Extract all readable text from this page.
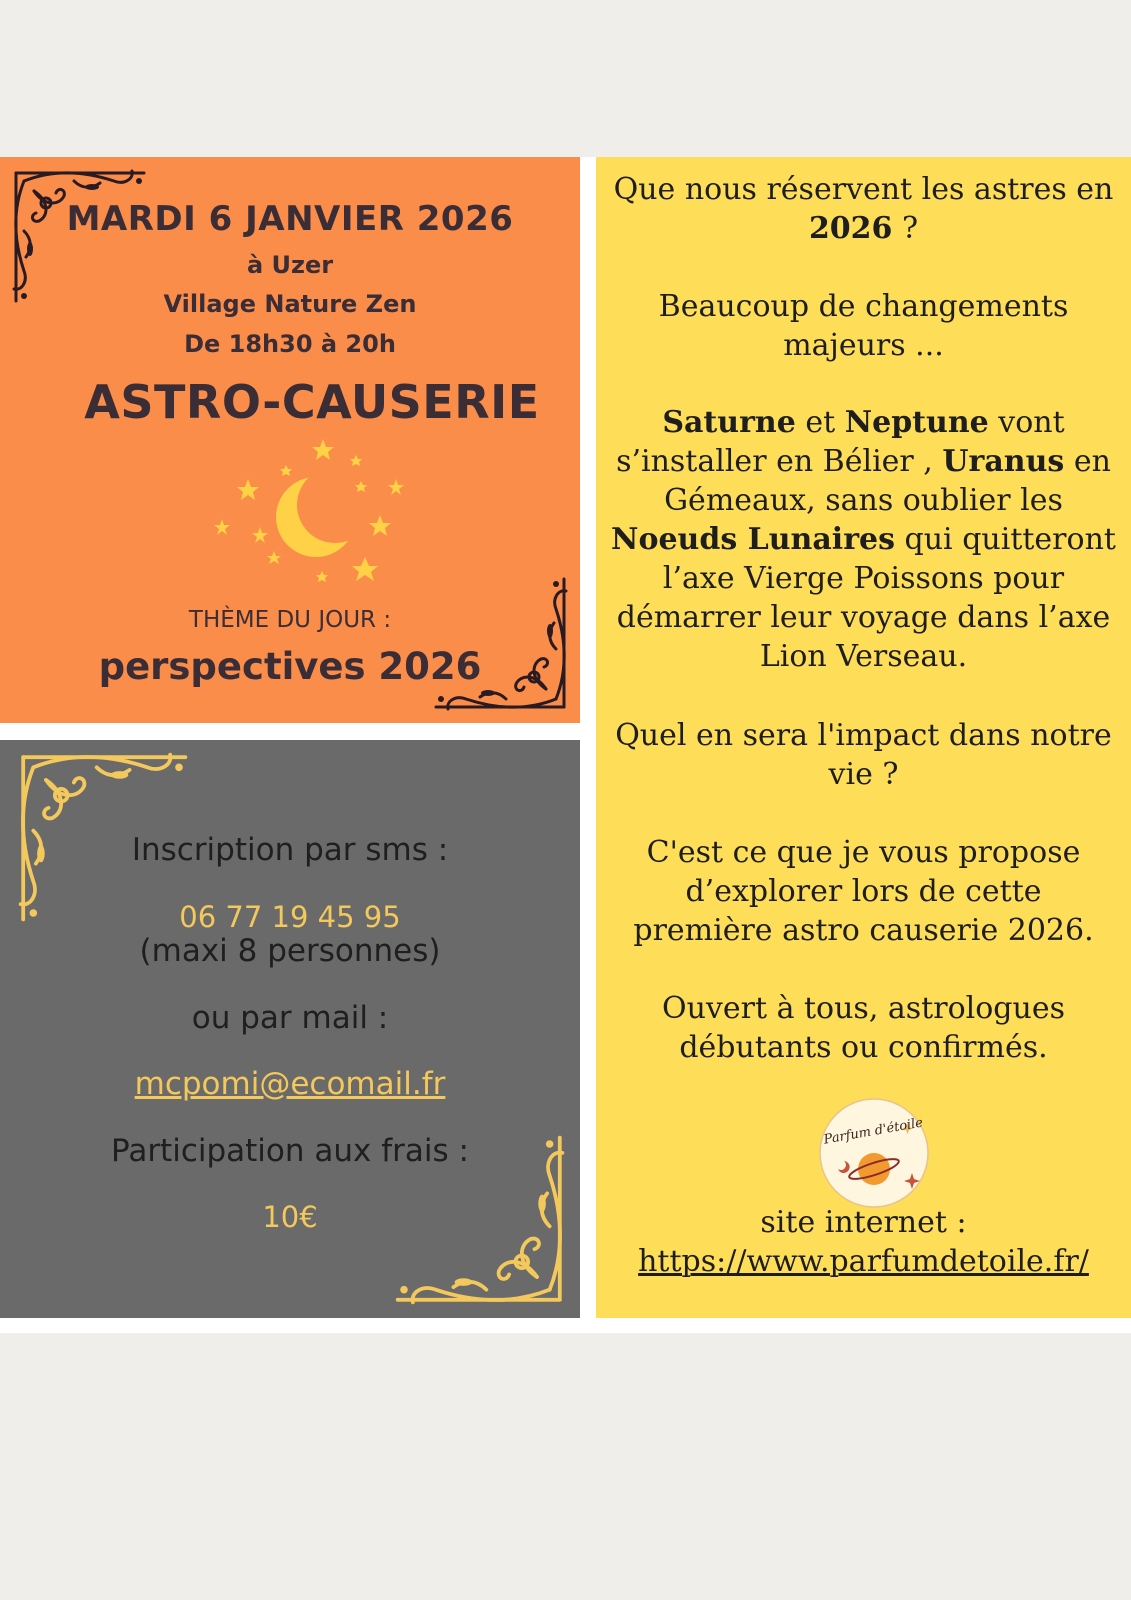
MARDI 6 JANVIER 2026
à Uzer
Village Nature Zen
De 18h30 à 20h
ASTRO-CAUSERIE
THÈME DU JOUR :
perspectives 2026
Inscription par sms :
06 77 19 45 95
(maxi 8 personnes)
ou par mail :
mcpomi@ecomail.fr
Participation aux frais :
10€
Que nous réservent les astres en
2026 ?
Beaucoup de changements
majeurs ...
Saturne et Neptune vont
s’installer en Bélier , Uranus en
Gémeaux, sans oublier les
Noeuds Lunaires qui quitteront
l’axe Vierge Poissons pour
démarrer leur voyage dans l’axe
Lion Verseau.
Quel en sera l'impact dans notre
vie ?
C'est ce que je vous propose
d’explorer lors de cette
première astro causerie 2026.
Ouvert à tous, astrologues
débutants ou confirmés.
Parfum d'étoile
site internet :
https://www.parfumdetoile.fr/
